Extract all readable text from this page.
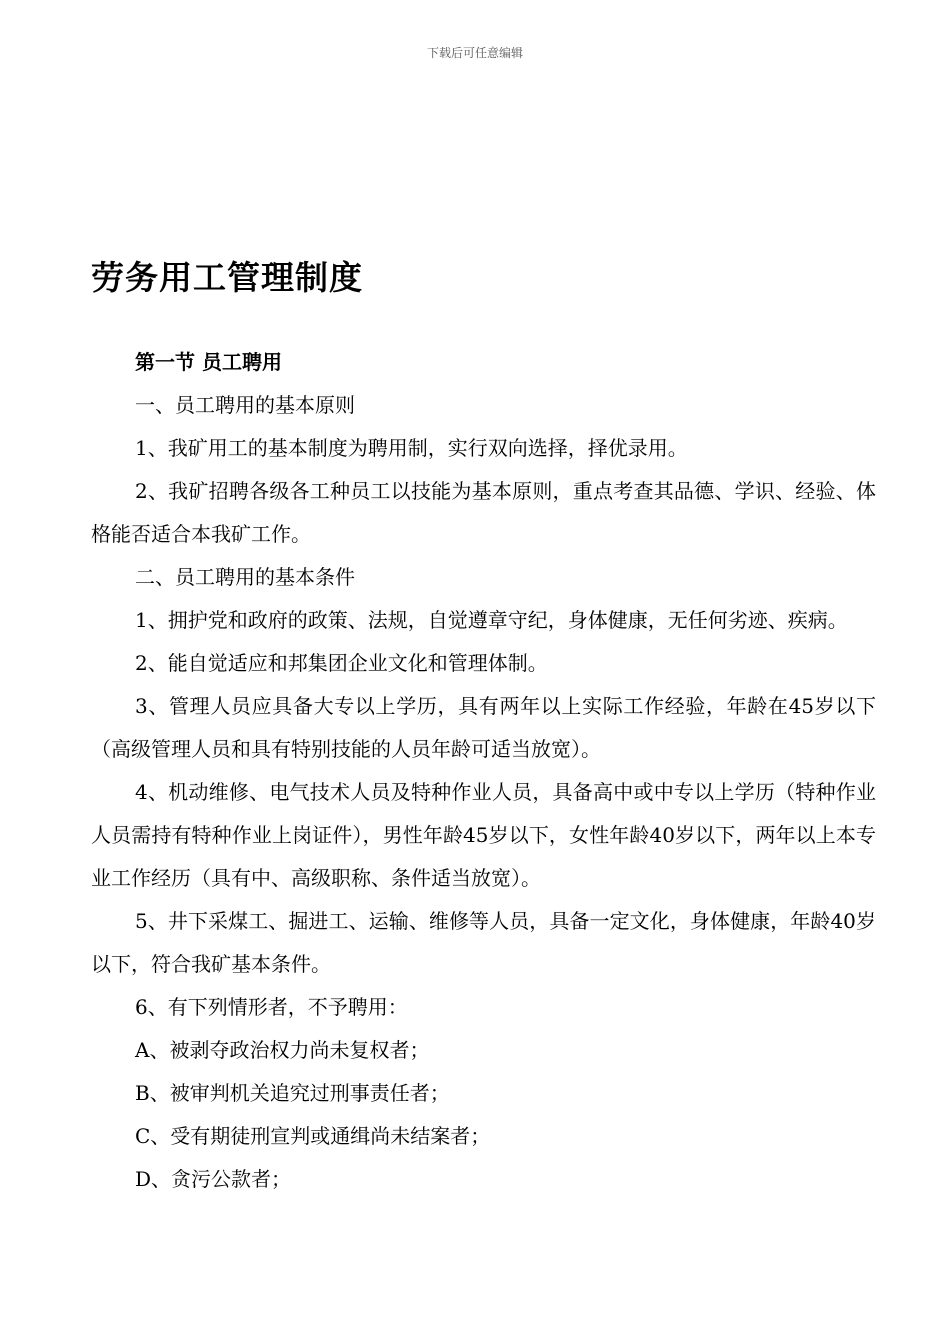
下载后可任意编辑
劳务用工管理制度

第一节 员工聘用

一、员工聘用的基本原则

1、我矿用工的基本制度为聘用制，实行双向选择，择优录用。

2、我矿招聘各级各工种员工以技能为基本原则，重点考查其品德、学识、经验、体格能否适合本我矿工作。

二、员工聘用的基本条件

1、拥护党和政府的政策、法规，自觉遵章守纪，身体健康，无任何劣迹、疾病。

2、能自觉适应和邦集团企业文化和管理体制。

3、管理人员应具备大专以上学历，具有两年以上实际工作经验，年龄在45岁以下（高级管理人员和具有特别技能的人员年龄可适当放宽）。

4、机动维修、电气技术人员及特种作业人员，具备高中或中专以上学历（特种作业人员需持有特种作业上岗证件），男性年龄45岁以下，女性年龄40岁以下，两年以上本专业工作经历（具有中、高级职称、条件适当放宽）。

5、井下采煤工、掘进工、运输、维修等人员，具备一定文化，身体健康，年龄40岁以下，符合我矿基本条件。

6、有下列情形者，不予聘用：

A、被剥夺政治权力尚未复权者；

B、被审判机关追究过刑事责任者；

C、受有期徒刑宣判或通缉尚未结案者；

D、贪污公款者；
